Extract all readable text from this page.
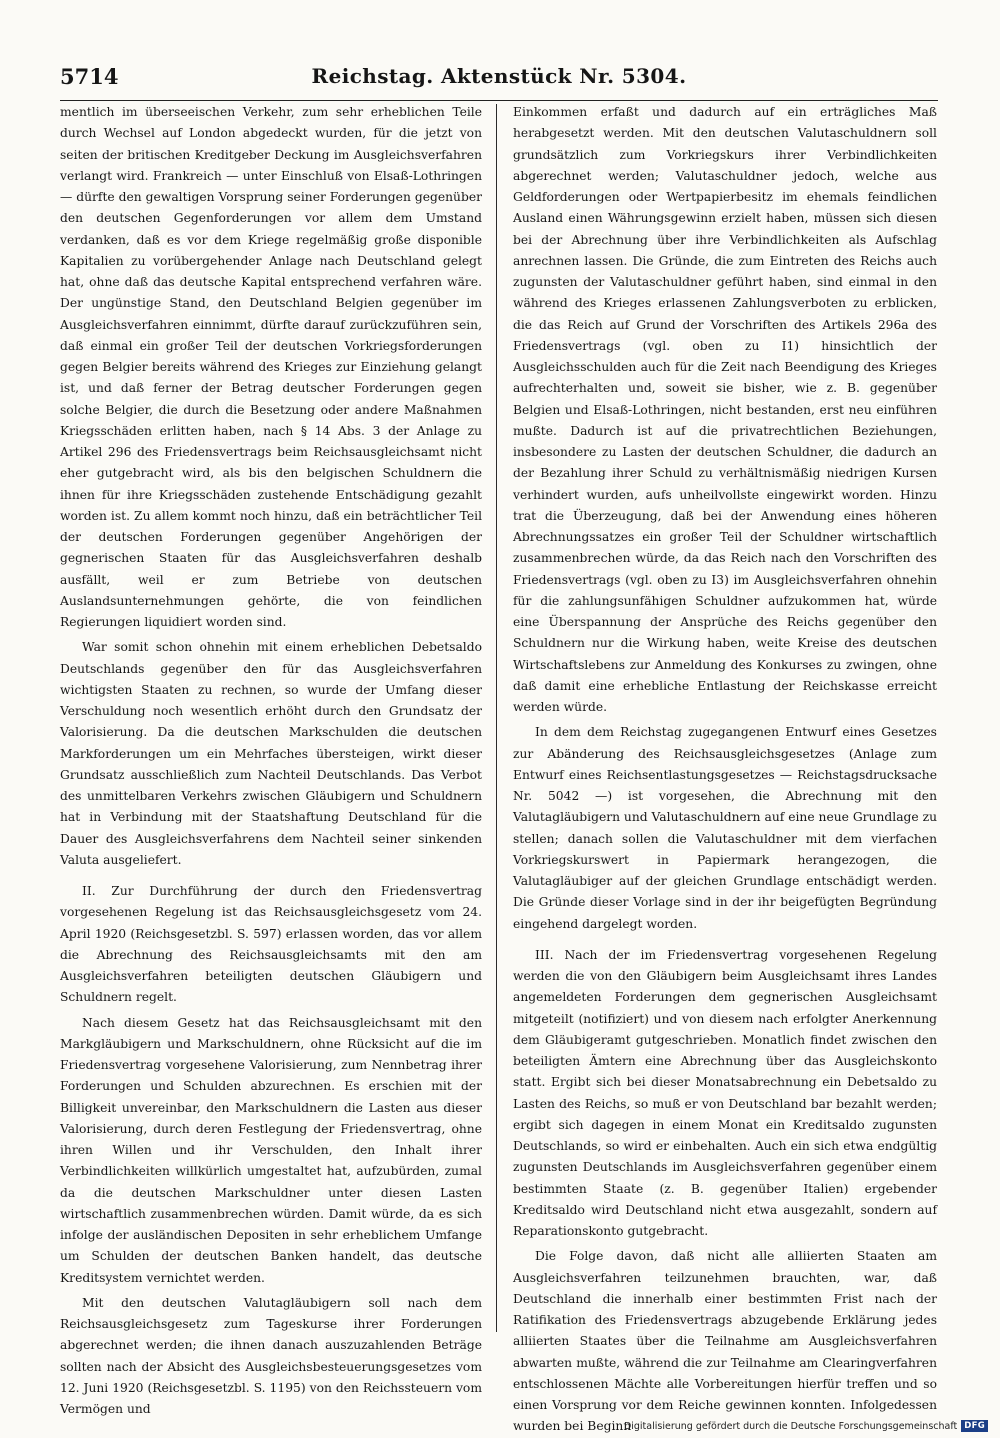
5714	Reichstag. Aktenstück Nr. 5304.

mentlich im überseeischen Verkehr, zum sehr erheblichen Teile durch Wechsel auf London abgedeckt wurden, für die jetzt von seiten der britischen Kreditgeber Deckung im Ausgleichsverfahren verlangt wird. Frankreich — unter Einschluß von Elsaß-Lothringen — dürfte den gewaltigen Vorsprung seiner Forderungen gegenüber den deutschen Gegenforderungen vor allem dem Umstand verdanken, daß es vor dem Kriege regelmäßig große disponible Kapitalien zu vorübergehender Anlage nach Deutschland gelegt hat, ohne daß das deutsche Kapital entsprechend verfahren wäre. Der ungünstige Stand, den Deutschland Belgien gegenüber im Ausgleichsverfahren einnimmt, dürfte darauf zurückzuführen sein, daß einmal ein großer Teil der deutschen Vorkriegsforderungen gegen Belgier bereits während des Krieges zur Einziehung gelangt ist, und daß ferner der Betrag deutscher Forderungen gegen solche Belgier, die durch die Besetzung oder andere Maßnahmen Kriegsschäden erlitten haben, nach § 14 Abs. 3 der Anlage zu Artikel 296 des Friedensvertrags beim Reichsausgleichsamt nicht eher gutgebracht wird, als bis den belgischen Schuldnern die ihnen für ihre Kriegsschäden zustehende Entschädigung gezahlt worden ist. Zu allem kommt noch hinzu, daß ein beträchtlicher Teil der deutschen Forderungen gegenüber Angehörigen der gegnerischen Staaten für das Ausgleichsverfahren deshalb ausfällt, weil er zum Betriebe von deutschen Auslandsunternehmungen gehörte, die von feindlichen Regierungen liquidiert worden sind.

War somit schon ohnehin mit einem erheblichen Debetsaldo Deutschlands gegenüber den für das Ausgleichsverfahren wichtigsten Staaten zu rechnen, so wurde der Umfang dieser Verschuldung noch wesentlich erhöht durch den Grundsatz der Valorisierung. Da die deutschen Markschulden die deutschen Markforderungen um ein Mehrfaches übersteigen, wirkt dieser Grundsatz ausschließlich zum Nachteil Deutschlands. Das Verbot des unmittelbaren Verkehrs zwischen Gläubigern und Schuldnern hat in Verbindung mit der Staatshaftung Deutschland für die Dauer des Ausgleichsverfahrens dem Nachteil seiner sinkenden Valuta ausgeliefert.

II. Zur Durchführung der durch den Friedensvertrag vorgesehenen Regelung ist das Reichsausgleichsgesetz vom 24. April 1920 (Reichsgesetzbl. S. 597) erlassen worden, das vor allem die Abrechnung des Reichsausgleichsamts mit den am Ausgleichsverfahren beteiligten deutschen Gläubigern und Schuldnern regelt.

Nach diesem Gesetz hat das Reichsausgleichsamt mit den Markgläubigern und Markschuldnern, ohne Rücksicht auf die im Friedensvertrag vorgesehene Valorisierung, zum Nennbetrag ihrer Forderungen und Schulden abzurechnen. Es erschien mit der Billigkeit unvereinbar, den Markschuldnern die Lasten aus dieser Valorisierung, durch deren Festlegung der Friedensvertrag, ohne ihren Willen und ihr Verschulden, den Inhalt ihrer Verbindlichkeiten willkürlich umgestaltet hat, aufzubürden, zumal da die deutschen Markschuldner unter diesen Lasten wirtschaftlich zusammenbrechen würden. Damit würde, da es sich infolge der ausländischen Depositen in sehr erheblichem Umfange um Schulden der deutschen Banken handelt, das deutsche Kreditsystem vernichtet werden.

Mit den deutschen Valutagläubigern soll nach dem Reichsausgleichsgesetz zum Tageskurse ihrer Forderungen abgerechnet werden; die ihnen danach auszuzahlenden Beträge sollten nach der Absicht des Ausgleichsbesteuerungsgesetzes vom 12. Juni 1920 (Reichsgesetzbl. S. 1195) von den Reichssteuern vom Vermögen und

Einkommen erfaßt und dadurch auf ein erträgliches Maß herabgesetzt werden. Mit den deutschen Valutaschuldnern soll grundsätzlich zum Vorkriegskurs ihrer Verbindlichkeiten abgerechnet werden; Valutaschuldner jedoch, welche aus Geldforderungen oder Wertpapierbesitz im ehemals feindlichen Ausland einen Währungsgewinn erzielt haben, müssen sich diesen bei der Abrechnung über ihre Verbindlichkeiten als Aufschlag anrechnen lassen. Die Gründe, die zum Eintreten des Reichs auch zugunsten der Valutaschuldner geführt haben, sind einmal in den während des Krieges erlassenen Zahlungsverboten zu erblicken, die das Reich auf Grund der Vorschriften des Artikels 296a des Friedensvertrags (vgl. oben zu I1) hinsichtlich der Ausgleichsschulden auch für die Zeit nach Beendigung des Krieges aufrechterhalten und, soweit sie bisher, wie z. B. gegenüber Belgien und Elsaß-Lothringen, nicht bestanden, erst neu einführen mußte. Dadurch ist auf die privatrechtlichen Beziehungen, insbesondere zu Lasten der deutschen Schuldner, die dadurch an der Bezahlung ihrer Schuld zu verhältnismäßig niedrigen Kursen verhindert wurden, aufs unheilvollste eingewirkt worden. Hinzu trat die Überzeugung, daß bei der Anwendung eines höheren Abrechnungssatzes ein großer Teil der Schuldner wirtschaftlich zusammenbrechen würde, da das Reich nach den Vorschriften des Friedensvertrags (vgl. oben zu I3) im Ausgleichsverfahren ohnehin für die zahlungsunfähigen Schuldner aufzukommen hat, würde eine Überspannung der Ansprüche des Reichs gegenüber den Schuldnern nur die Wirkung haben, weite Kreise des deutschen Wirtschaftslebens zur Anmeldung des Konkurses zu zwingen, ohne daß damit eine erhebliche Entlastung der Reichskasse erreicht werden würde.

In dem dem Reichstag zugegangenen Entwurf eines Gesetzes zur Abänderung des Reichsausgleichsgesetzes (Anlage zum Entwurf eines Reichsentlastungsgesetzes — Reichstagsdrucksache Nr. 5042 —) ist vorgesehen, die Abrechnung mit den Valutagläubigern und Valutaschuldnern auf eine neue Grundlage zu stellen; danach sollen die Valutaschuldner mit dem vierfachen Vorkriegskurswert in Papiermark herangezogen, die Valutagläubiger auf der gleichen Grundlage entschädigt werden. Die Gründe dieser Vorlage sind in der ihr beigefügten Begründung eingehend dargelegt worden.

III. Nach der im Friedensvertrag vorgesehenen Regelung werden die von den Gläubigern beim Ausgleichsamt ihres Landes angemeldeten Forderungen dem gegnerischen Ausgleichsamt mitgeteilt (notifiziert) und von diesem nach erfolgter Anerkennung dem Gläubigeramt gutgeschrieben. Monatlich findet zwischen den beteiligten Ämtern eine Abrechnung über das Ausgleichskonto statt. Ergibt sich bei dieser Monatsabrechnung ein Debetsaldo zu Lasten des Reichs, so muß er von Deutschland bar bezahlt werden; ergibt sich dagegen in einem Monat ein Kreditsaldo zugunsten Deutschlands, so wird er einbehalten. Auch ein sich etwa endgültig zugunsten Deutschlands im Ausgleichsverfahren gegenüber einem bestimmten Staate (z. B. gegenüber Italien) ergebender Kreditsaldo wird Deutschland nicht etwa ausgezahlt, sondern auf Reparationskonto gutgebracht.

Die Folge davon, daß nicht alle alliierten Staaten am Ausgleichsverfahren teilzunehmen brauchten, war, daß Deutschland die innerhalb einer bestimmten Frist nach der Ratifikation des Friedensvertrags abzugebende Erklärung jedes alliierten Staates über die Teilnahme am Ausgleichsverfahren abwarten mußte, während die zur Teilnahme am Clearingverfahren entschlossenen Mächte alle Vorbereitungen hierfür treffen und so einen Vorsprung vor dem Reiche gewinnen konnten. Infolgedessen wurden bei Beginn

Digitalisierung gefördert durch die Deutsche Forschungsgemeinschaft DFG
